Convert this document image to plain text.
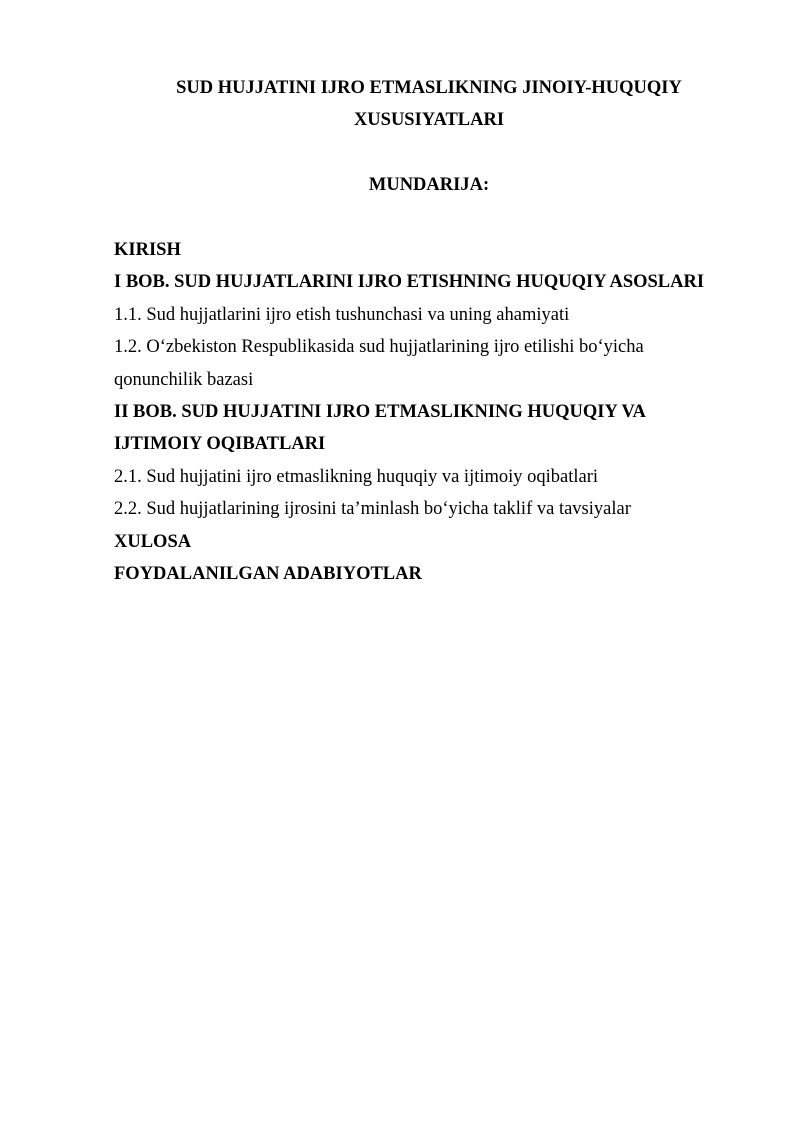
SUD HUJJATINI IJRO ETMASLIKNING JINOIY-HUQUQIY

XUSUSIYATLARI

MUNDARIJA:

KIRISH

I BOB. SUD HUJJATLARINI IJRO ETISHNING HUQUQIY ASOSLARI

1.1. Sud hujjatlarini ijro etish tushunchasi va uning ahamiyati

1.2. O‘zbekiston Respublikasida sud hujjatlarining ijro etilishi bo‘yicha

qonunchilik bazasi

II BOB. SUD HUJJATINI IJRO ETMASLIKNING HUQUQIY VA

IJTIMOIY OQIBATLARI

2.1. Sud hujjatini ijro etmaslikning huquqiy va ijtimoiy oqibatlari

2.2. Sud hujjatlarining ijrosini ta’minlash bo‘yicha taklif va tavsiyalar

XULOSA

FOYDALANILGAN ADABIYOTLAR
